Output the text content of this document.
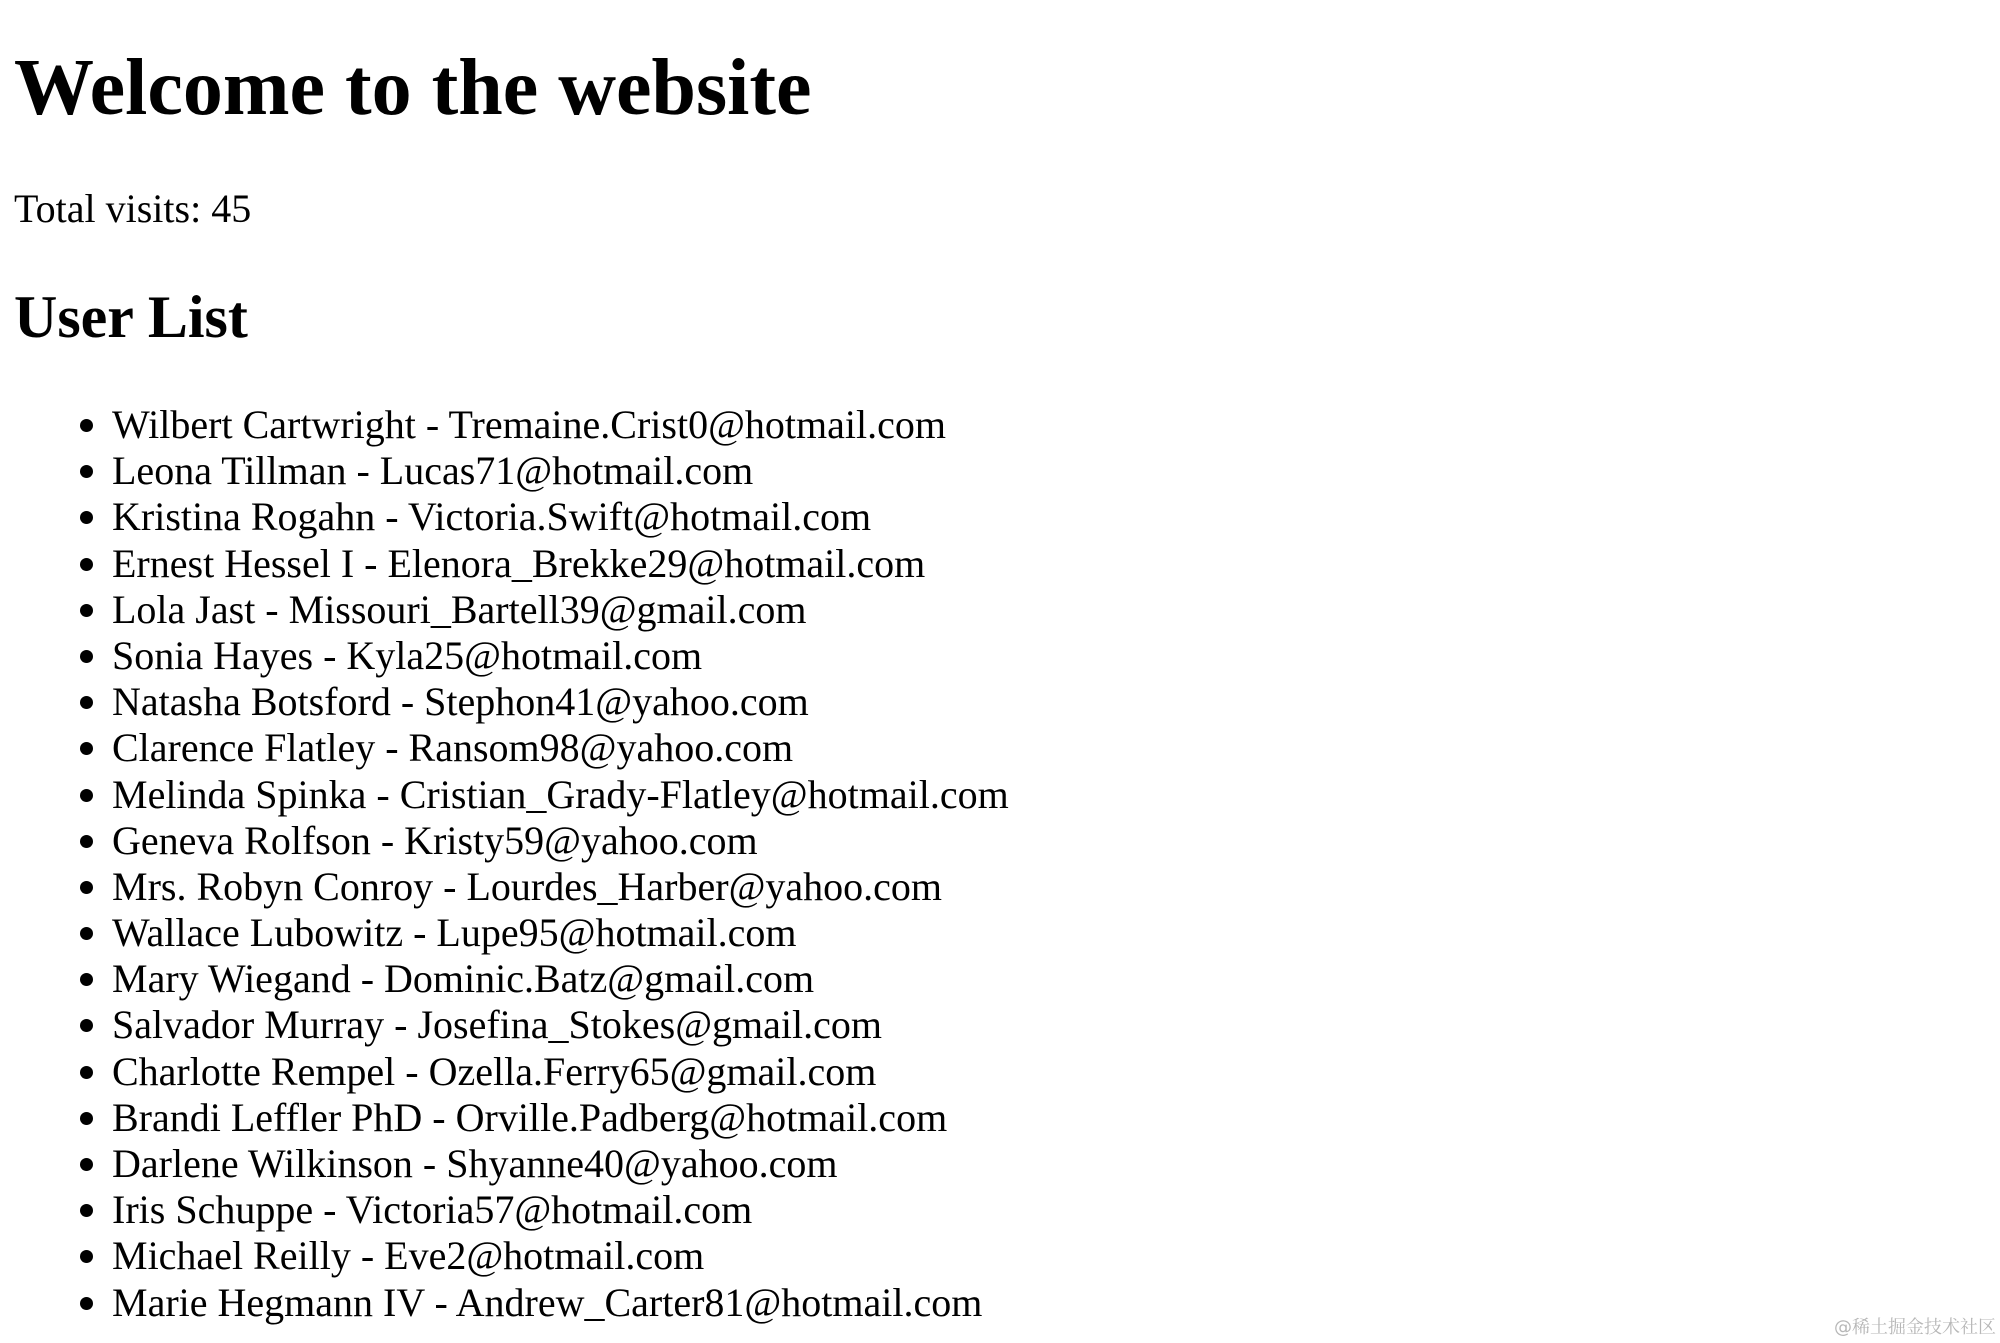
Welcome to the website

Total visits: 45

User List
Wilbert Cartwright - Tremaine.Crist0@hotmail.com
Leona Tillman - Lucas71@hotmail.com
Kristina Rogahn - Victoria.Swift@hotmail.com
Ernest Hessel I - Elenora_Brekke29@hotmail.com
Lola Jast - Missouri_Bartell39@gmail.com
Sonia Hayes - Kyla25@hotmail.com
Natasha Botsford - Stephon41@yahoo.com
Clarence Flatley - Ransom98@yahoo.com
Melinda Spinka - Cristian_Grady-Flatley@hotmail.com
Geneva Rolfson - Kristy59@yahoo.com
Mrs. Robyn Conroy - Lourdes_Harber@yahoo.com
Wallace Lubowitz - Lupe95@hotmail.com
Mary Wiegand - Dominic.Batz@gmail.com
Salvador Murray - Josefina_Stokes@gmail.com
Charlotte Rempel - Ozella.Ferry65@gmail.com
Brandi Leffler PhD - Orville.Padberg@hotmail.com
Darlene Wilkinson - Shyanne40@yahoo.com
Iris Schuppe - Victoria57@hotmail.com
Michael Reilly - Eve2@hotmail.com
Marie Hegmann IV - Andrew_Carter81@hotmail.com
@稀土掘金技术社区
